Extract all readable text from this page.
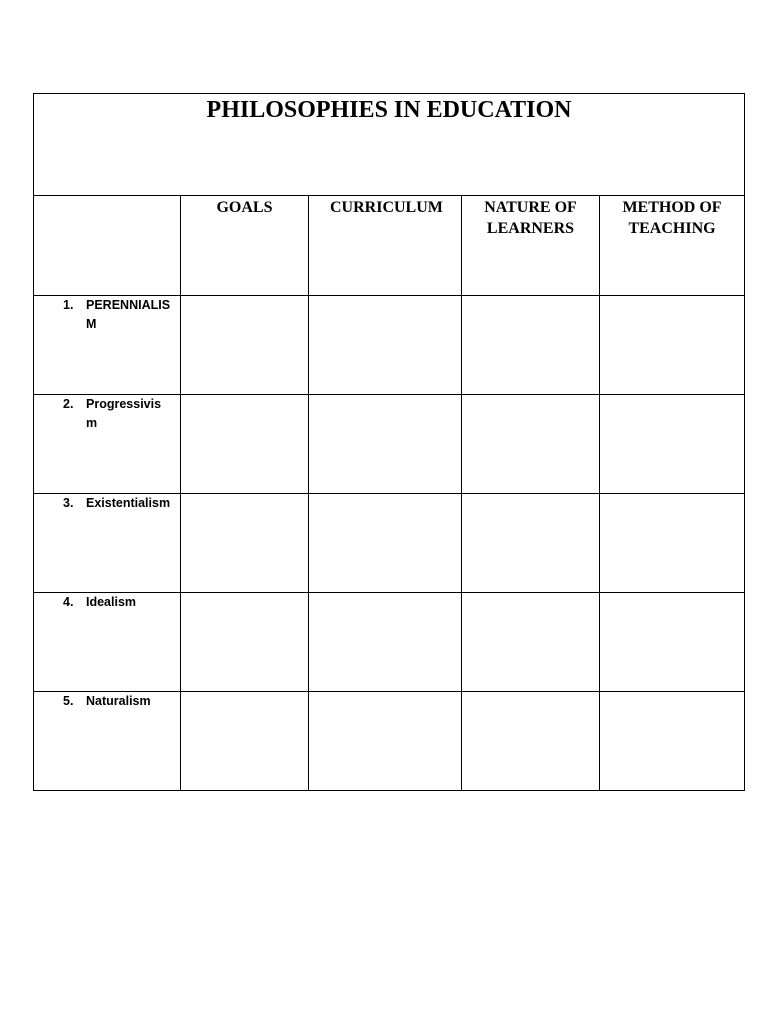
PHILOSOPHIES IN EDUCATION				
	GOALS	CURRICULUM	NATURE OF LEARNERS	METHOD OF TEACHING

1. PERENNIALISM				

2. Progressivism				

3. Existentialism				

4. Idealism				

5. Naturalism				
